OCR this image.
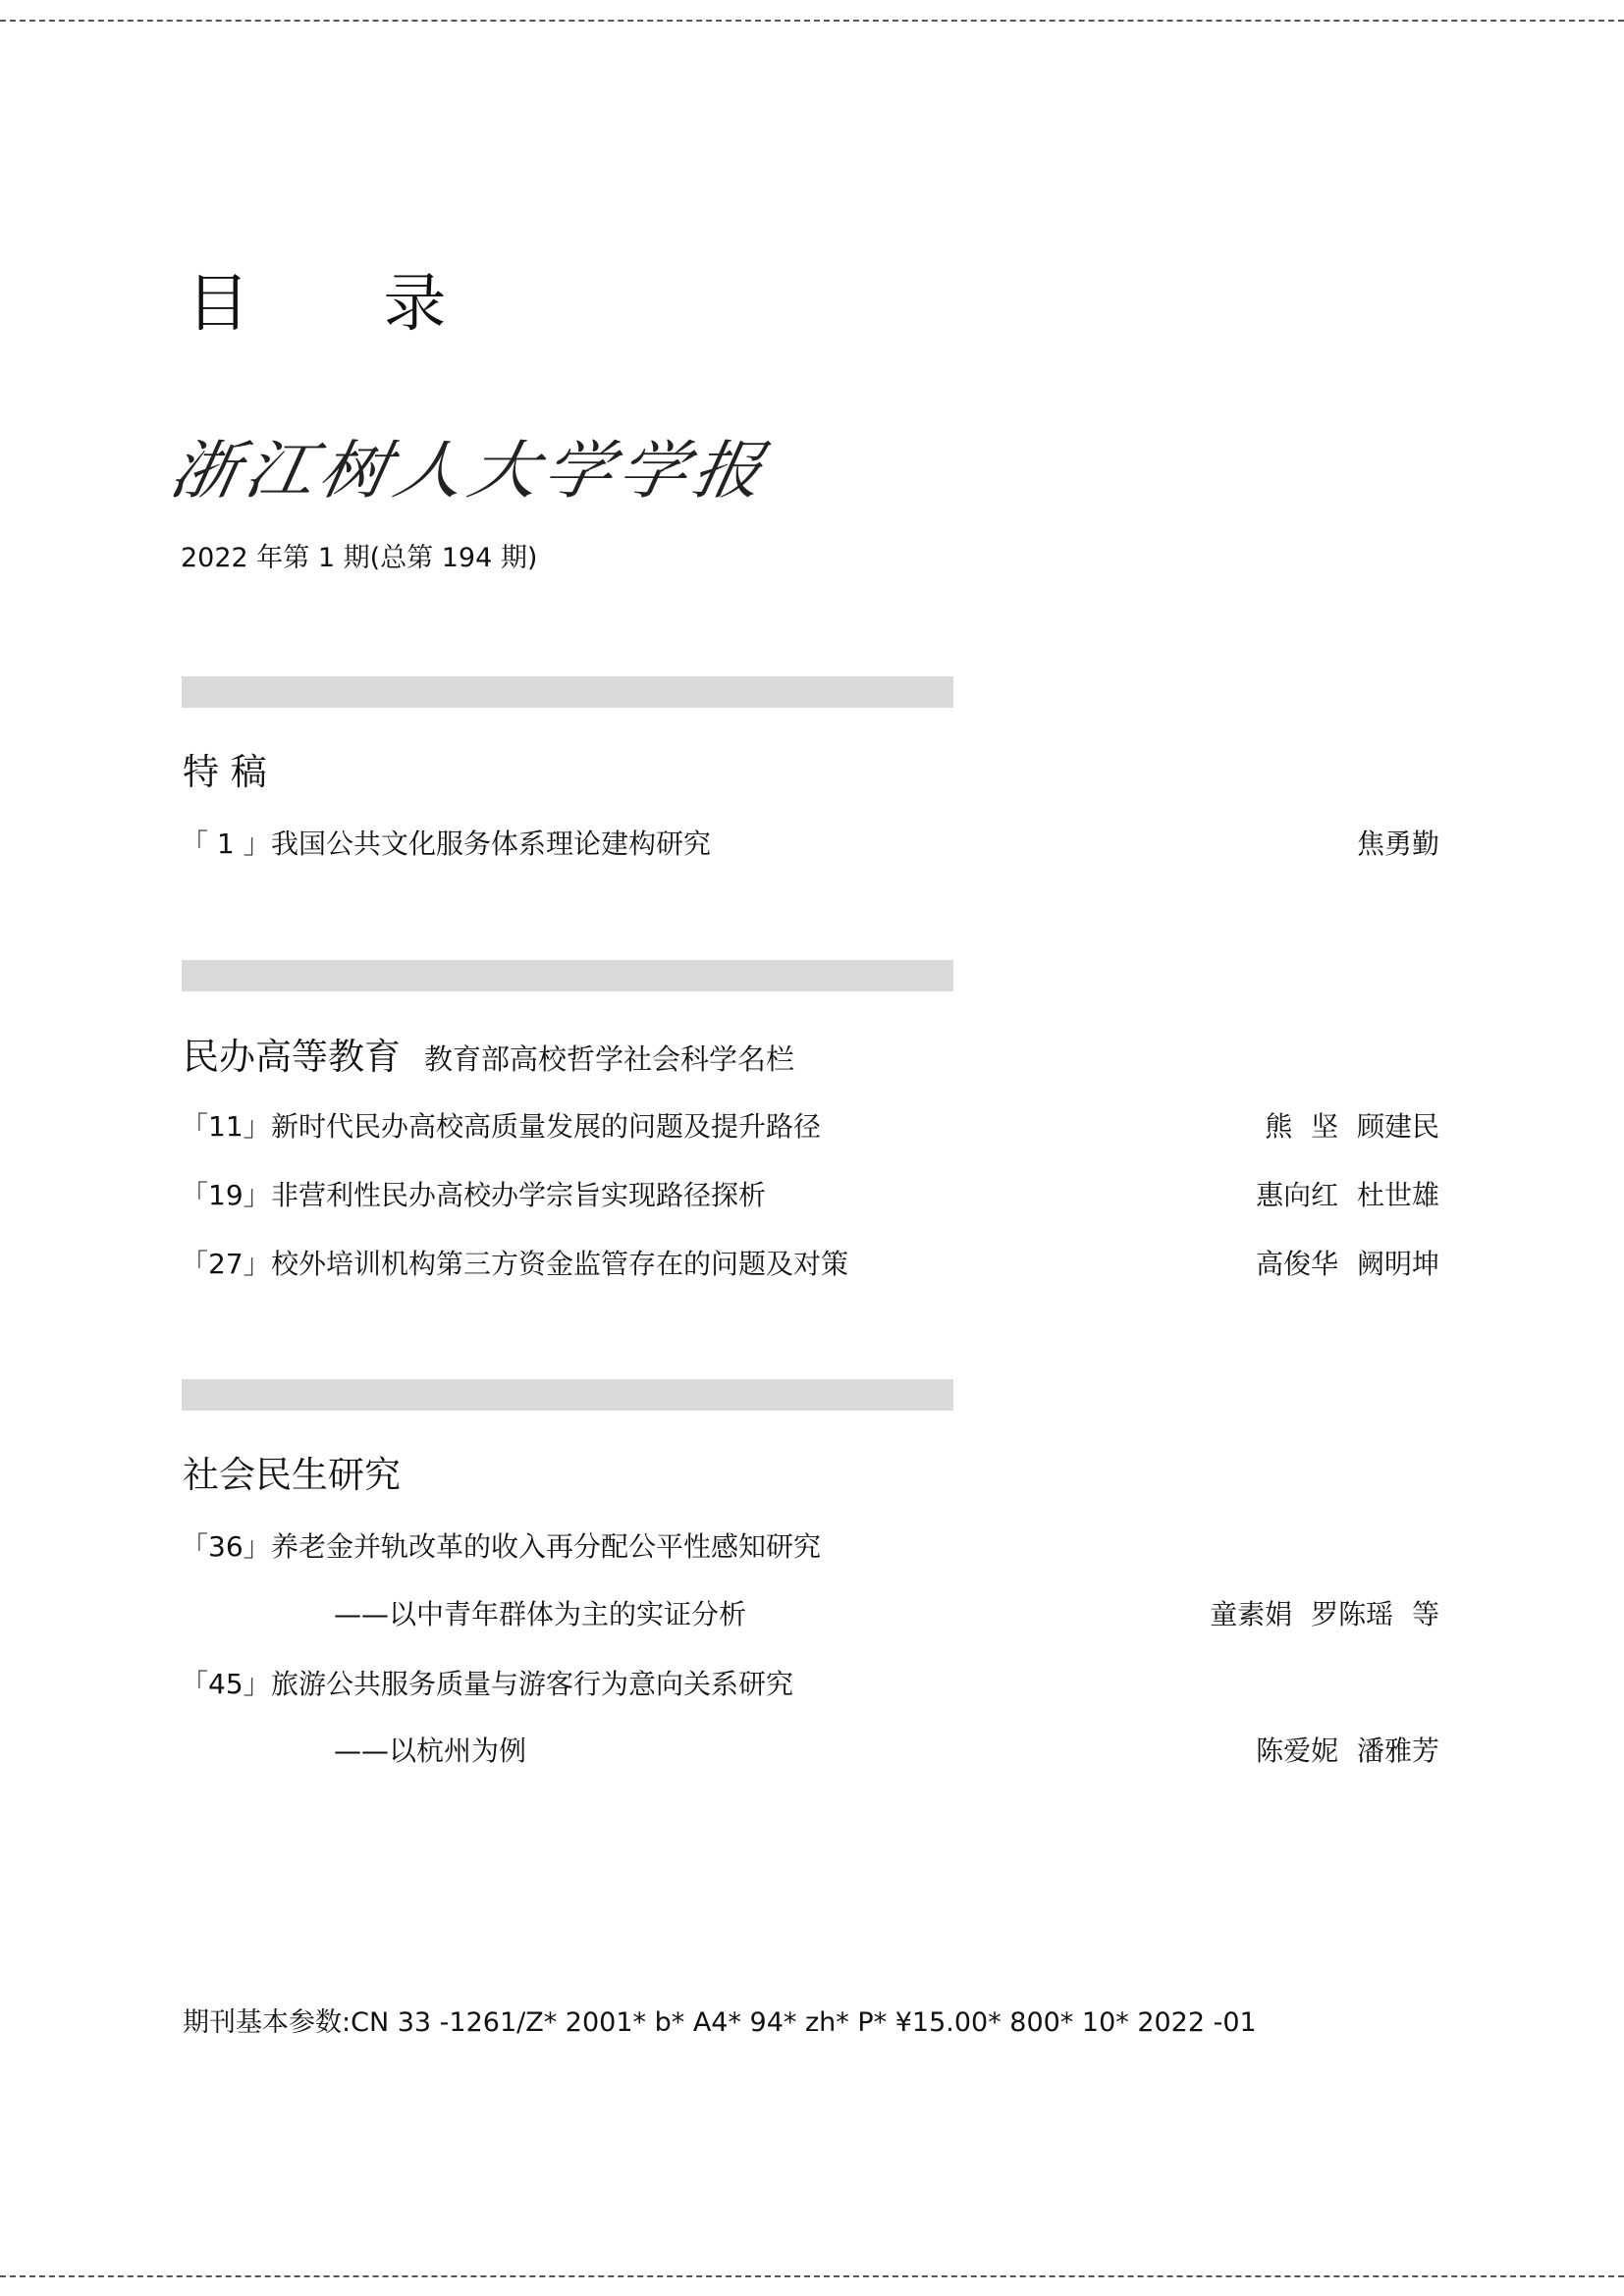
目 录
浙江树人大学学报
2022 年第 1 期(总第 194 期)
特 稿
「 1 」我国公共文化服务体系理论建构研究	焦勇勤
民办高等教育 教育部高校哲学社会科学名栏
「11」新时代民办高校高质量发展的问题及提升路径	熊 坚 顾建民
「19」非营利性民办高校办学宗旨实现路径探析	惠向红 杜世雄
「27」校外培训机构第三方资金监管存在的问题及对策	高俊华 阙明坤
社会民生研究
「36」养老金并轨改革的收入再分配公平性感知研究
——以中青年群体为主的实证分析	童素娟 罗陈瑶 等
「45」旅游公共服务质量与游客行为意向关系研究
——以杭州为例	陈爱妮 潘雅芳
期刊基本参数:CN 33 -1261/Z* 2001* b* A4* 94* zh* P* ¥15.00* 800* 10* 2022 -01
